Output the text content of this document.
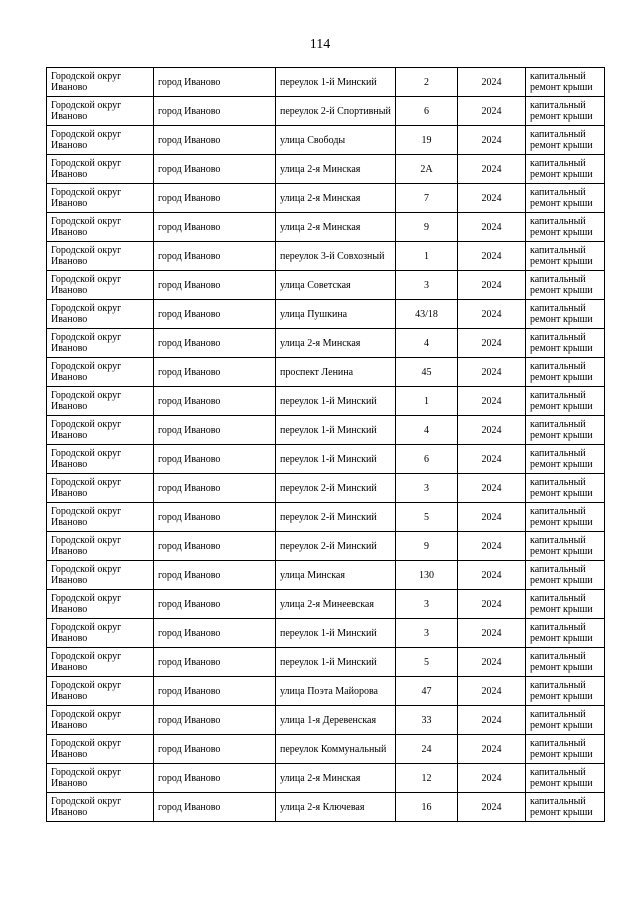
114
Городской округ Иваново	город Иваново	переулок 1-й Минский	2	2024	капитальный ремонт крыши
Городской округ Иваново	город Иваново	переулок 2-й Спортивный	6	2024	капитальный ремонт крыши
Городской округ Иваново	город Иваново	улица Свободы	19	2024	капитальный ремонт крыши
Городской округ Иваново	город Иваново	улица 2-я Минская	2А	2024	капитальный ремонт крыши
Городской округ Иваново	город Иваново	улица 2-я Минская	7	2024	капитальный ремонт крыши
Городской округ Иваново	город Иваново	улица 2-я Минская	9	2024	капитальный ремонт крыши
Городской округ Иваново	город Иваново	переулок 3-й Совхозный	1	2024	капитальный ремонт крыши
Городской округ Иваново	город Иваново	улица Советская	3	2024	капитальный ремонт крыши
Городской округ Иваново	город Иваново	улица Пушкина	43/18	2024	капитальный ремонт крыши
Городской округ Иваново	город Иваново	улица 2-я Минская	4	2024	капитальный ремонт крыши
Городской округ Иваново	город Иваново	проспект Ленина	45	2024	капитальный ремонт крыши
Городской округ Иваново	город Иваново	переулок 1-й Минский	1	2024	капитальный ремонт крыши
Городской округ Иваново	город Иваново	переулок 1-й Минский	4	2024	капитальный ремонт крыши
Городской округ Иваново	город Иваново	переулок 1-й Минский	6	2024	капитальный ремонт крыши
Городской округ Иваново	город Иваново	переулок 2-й Минский	3	2024	капитальный ремонт крыши
Городской округ Иваново	город Иваново	переулок 2-й Минский	5	2024	капитальный ремонт крыши
Городской округ Иваново	город Иваново	переулок 2-й Минский	9	2024	капитальный ремонт крыши
Городской округ Иваново	город Иваново	улица Минская	130	2024	капитальный ремонт крыши
Городской округ Иваново	город Иваново	улица 2-я Минеевская	3	2024	капитальный ремонт крыши
Городской округ Иваново	город Иваново	переулок 1-й Минский	3	2024	капитальный ремонт крыши
Городской округ Иваново	город Иваново	переулок 1-й Минский	5	2024	капитальный ремонт крыши
Городской округ Иваново	город Иваново	улица Поэта Майорова	47	2024	капитальный ремонт крыши
Городской округ Иваново	город Иваново	улица 1-я Деревенская	33	2024	капитальный ремонт крыши
Городской округ Иваново	город Иваново	переулок Коммунальный	24	2024	капитальный ремонт крыши
Городской округ Иваново	город Иваново	улица 2-я Минская	12	2024	капитальный ремонт крыши
Городской округ Иваново	город Иваново	улица 2-я Ключевая	16	2024	капитальный ремонт крыши
